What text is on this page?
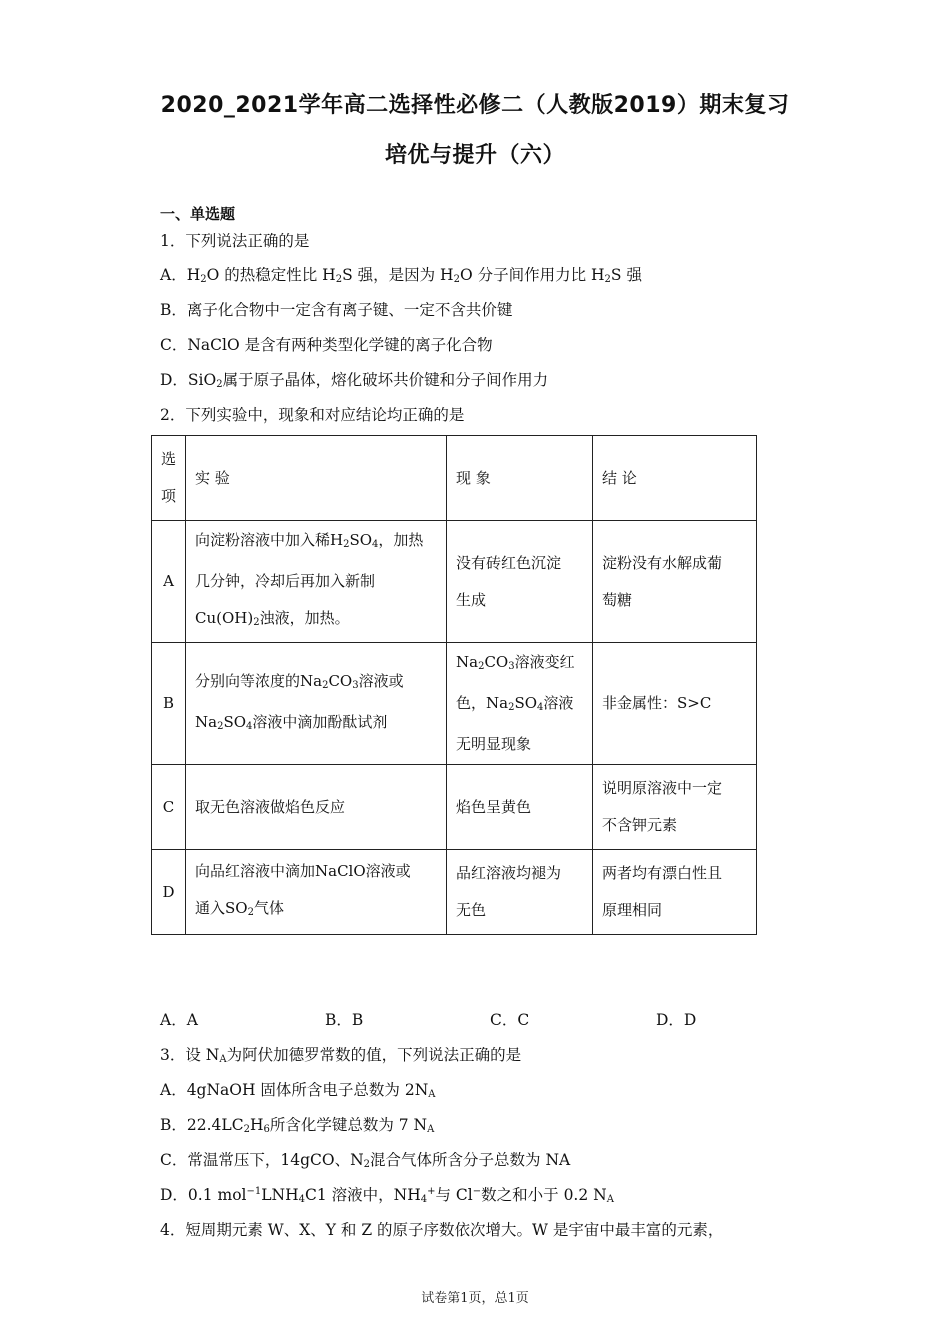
2020_2021学年高二选择性必修二（人教版2019）期末复习
培优与提升（六）
一、单选题
1．下列说法正确的是
A．$H_2O$ 的热稳定性比 $H_2S$ 强，是因为 $H_2O$ 分子间作用力比 $H_2S$ 强
B．离子化合物中一定含有离子键、一定不含共价键
C．NaClO 是含有两种类型化学键的离子化合物
D．SiO$_2$属于原子晶体，熔化破坏共价键和分子间作用力
2．下列实验中，现象和对应结论均正确的是
选
项	实 验	现 象	结 论
A	向淀粉溶液中加入稀$H_2SO_4$，加热
几分钟，冷却后再加入新制
$Cu(OH)_2$浊液，加热。	没有砖红色沉淀
生成	淀粉没有水解成葡
萄糖
B	分别向等浓度的$Na_2CO_3$溶液或
$Na_2SO_4$溶液中滴加酚酞试剂	$Na_2CO_3$溶液变红
色，$Na_2SO_4$溶液
无明显现象	非金属性：S>C
C	取无色溶液做焰色反应	焰色呈黄色	说明原溶液中一定
不含钾元素
D	向品红溶液中滴加NaClO溶液或
通入$SO_2$气体	品红溶液均褪为
无色	两者均有漂白性且
原理相同
A．A	B．B	C．C	D．D
3．设 $N_A$为阿伏加德罗常数的值，下列说法正确的是
A．4gNaOH 固体所含电子总数为 $2N_A$
B．$22.4LC_2H_6$所含化学键总数为 7 $N_A$
C．常温常压下，14gCO、$N_2$混合气体所含分子总数为 NA
D．0.1 $mol^{-1}LNH_4C1$ 溶液中，$NH_4^+$与 Cl−数之和小于 0.2 $N_A$
4．短周期元素 W、X、Y 和 Z 的原子序数依次增大。W 是宇宙中最丰富的元素，
试卷第1页，总1页
